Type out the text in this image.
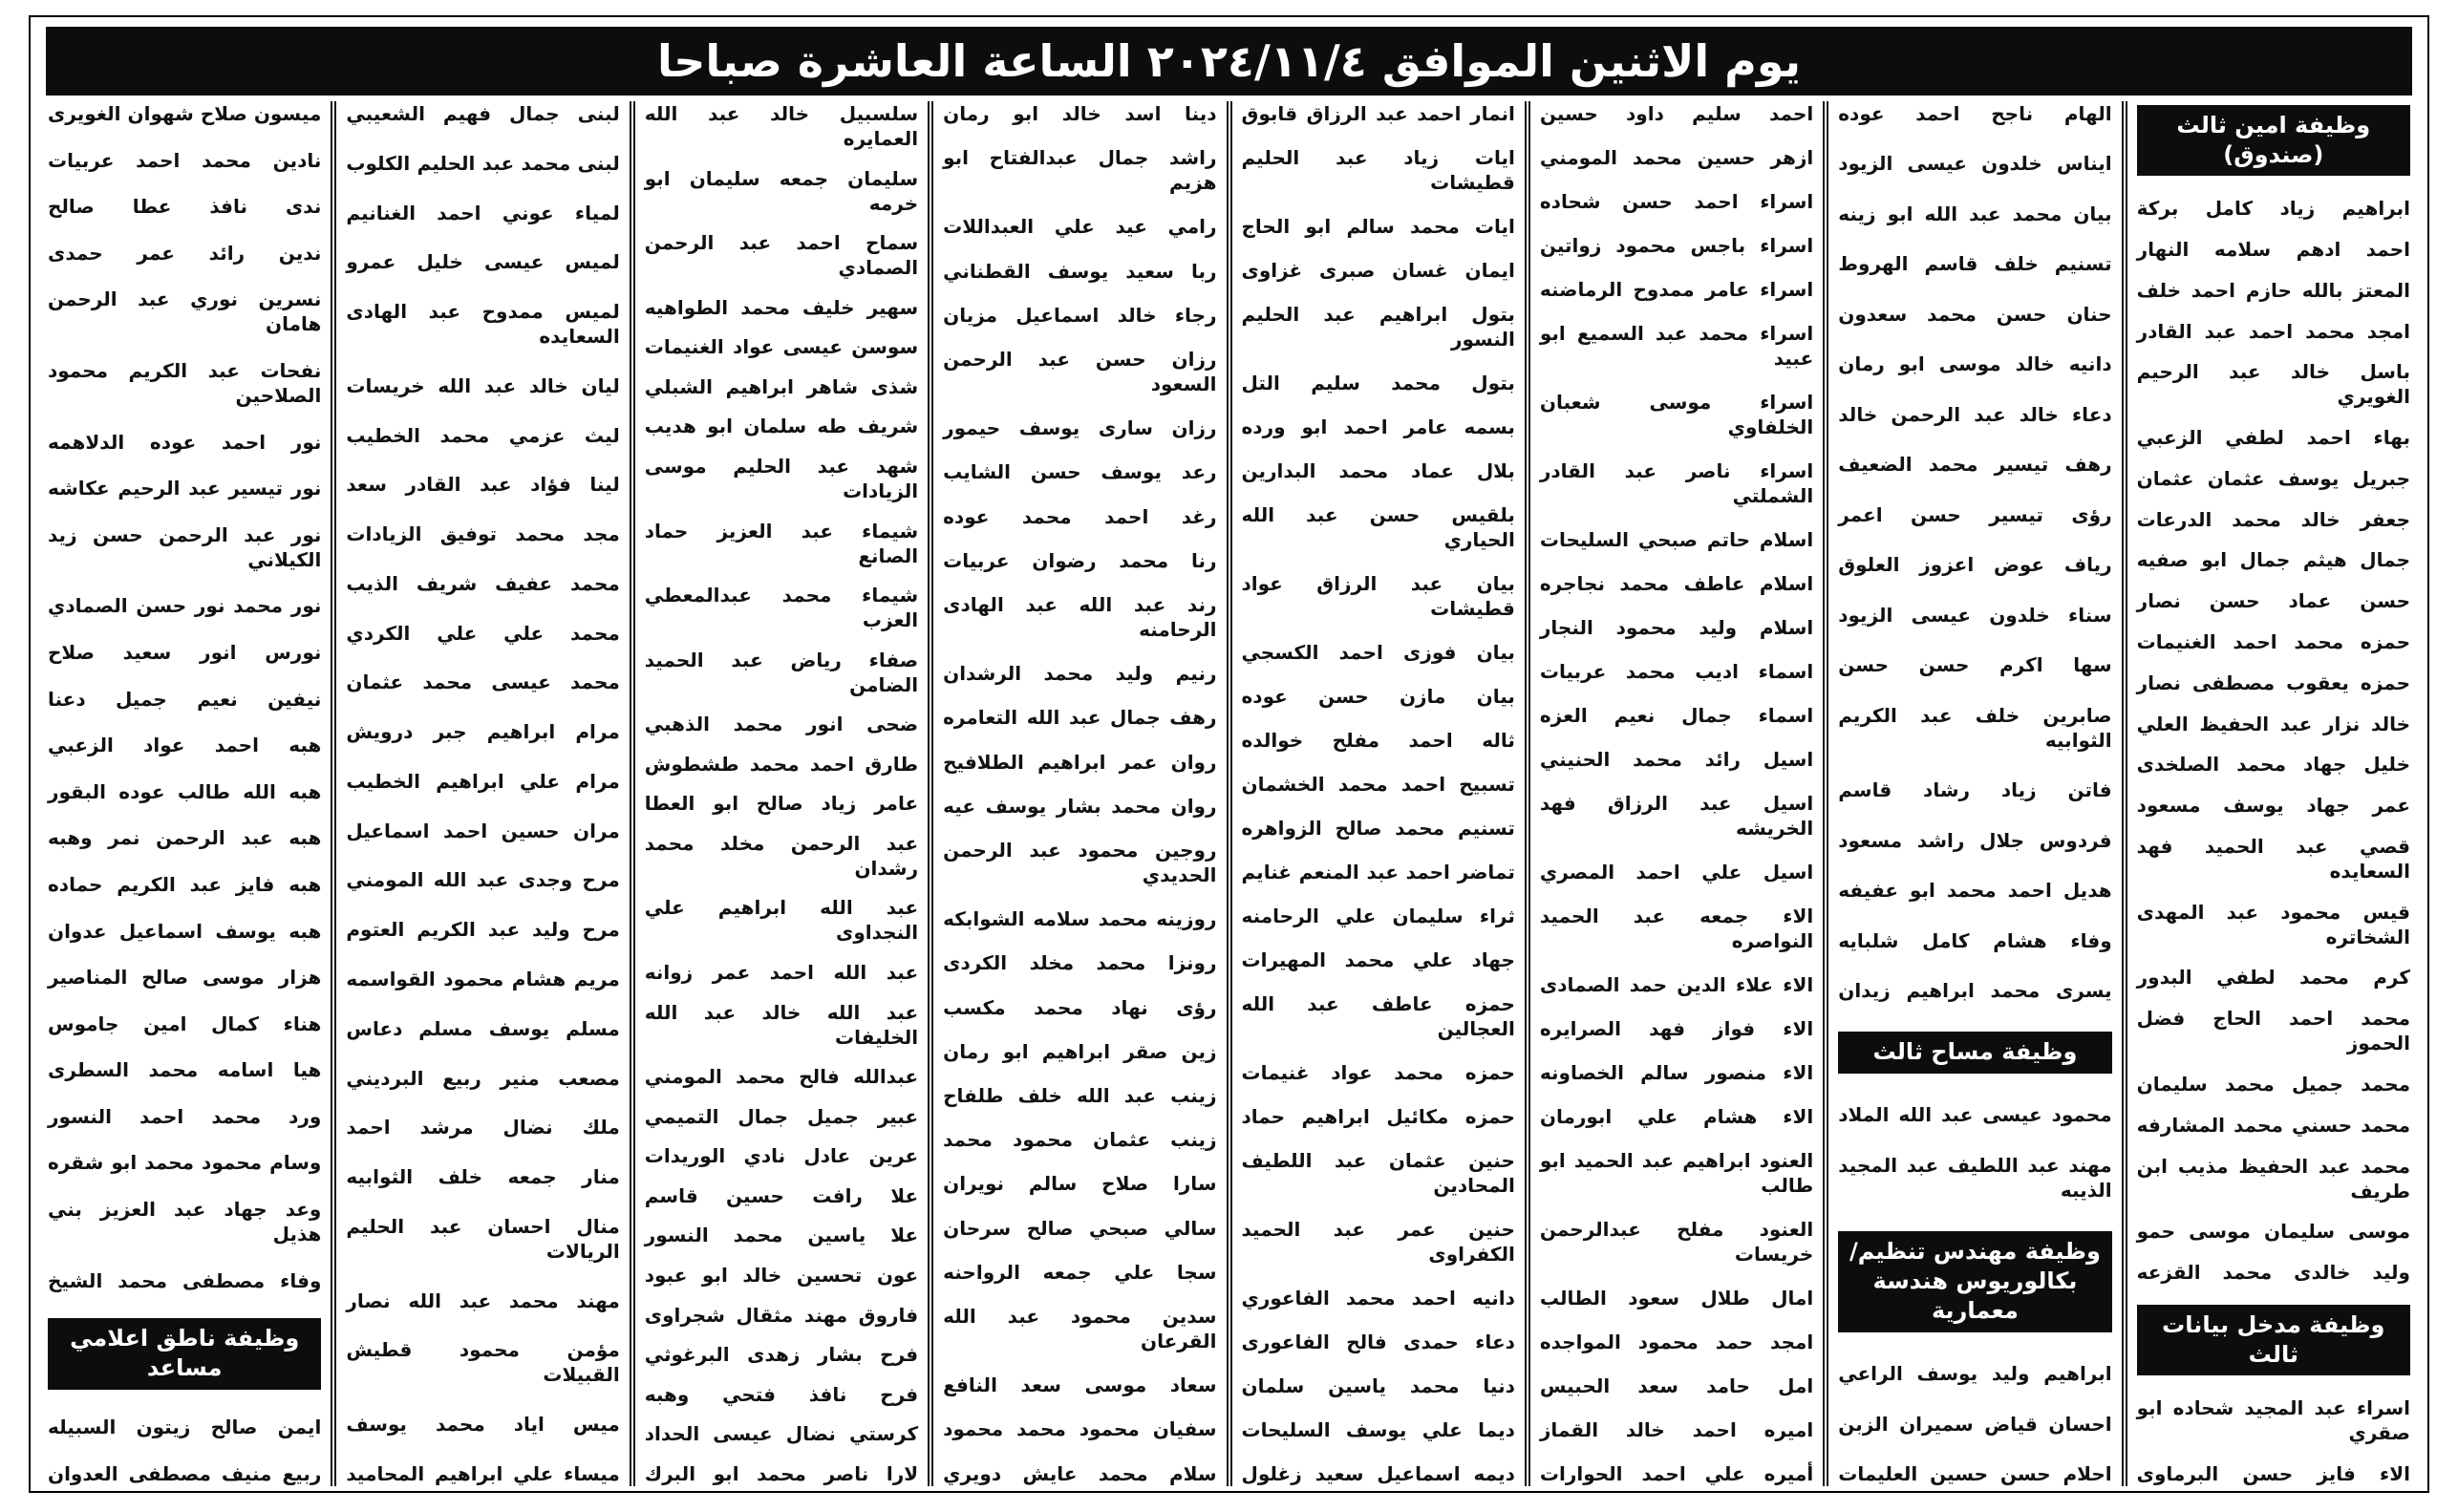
يوم الاثنين الموافق ٢٠٢٤/١١/٤ الساعة العاشرة صباحا
وظيفة امين ثالث (صندوق)
ابراهيم زياد كامل بركة
احمد ادهم سلامه النهار
المعتز بالله حازم احمد خلف
امجد محمد احمد عبد القادر
باسل خالد عبد الرحيم الغويري
بهاء احمد لطفي الزعبي
جبريل يوسف عثمان عثمان
جعفر خالد محمد الدرعات
جمال هيثم جمال ابو صفيه
حسن عماد حسن نصار
حمزه محمد احمد الغنيمات
حمزه يعقوب مصطفى نصار
خالد نزار عبد الحفيظ العلي
خليل جهاد محمد الصلخدى
عمر جهاد يوسف مسعود
قصي عبد الحميد فهد السعايده
قيس محمود عبد المهدى الشخاتره
كرم محمد لطفي البدور
محمد احمد الحاج فضل الحموز
محمد جميل محمد سليمان
محمد حسني محمد المشارفه
محمد عبد الحفيظ مذيب ابن طريف
موسى سليمان موسى حمو
وليد خالدى محمد القزعه
وظيفة مدخل بيانات ثالث
اسراء عبد المجيد شحاده ابو صقري
الاء فايز حسن البرماوى
الهام ناجح احمد عوده
ايناس خلدون عيسى الزيود
بيان محمد عبد الله ابو زينه
تسنيم خلف قاسم الهروط
حنان حسن محمد سعدون
دانيه خالد موسى ابو رمان
دعاء خالد عبد الرحمن خالد
رهف تيسير محمد الضعيف
رؤى تيسير حسن اعمر
رياف عوض اعزوز العلوق
سناء خلدون عيسى الزيود
سها اكرم حسن حسن
صابرين خلف عبد الكريم الثوابيه
فاتن زياد رشاد قاسم
فردوس جلال راشد مسعود
هديل احمد محمد ابو عفيفه
وفاء هشام كامل شلبايه
يسرى محمد ابراهيم زيدان
وظيفة مساح ثالث
محمود عيسى عبد الله الملاد
مهند عبد اللطيف عبد المجيد الذيبه
وظيفة مهندس تنظيم/ بكالوريوس هندسة معمارية
ابراهيم وليد يوسف الراعي
احسان قياض سميران الزبن
احلام حسن حسين العليمات
احمد سليم داود حسين
ازهر حسين محمد المومني
اسراء احمد حسن شحاده
اسراء باجس محمود زواتين
اسراء عامر ممدوح الرماضنه
اسراء محمد عبد السميع ابو عبيد
اسراء موسى شعبان الخلفاوي
اسراء ناصر عبد القادر الشملتي
اسلام حاتم صبحي السليحات
اسلام عاطف محمد نجاجره
اسلام وليد محمود النجار
اسماء اديب محمد عربيات
اسماء جمال نعيم العزه
اسيل رائد محمد الحنيني
اسيل عبد الرزاق فهد الخريشه
اسيل علي احمد المصري
الاء جمعه عبد الحميد النواصره
الاء علاء الدين حمد الصمادى
الاء فواز فهد الصرايره
الاء منصور سالم الخصاونه
الاء هشام علي ابورمان
العنود ابراهيم عبد الحميد ابو طالب
العنود مفلح عبدالرحمن خريسات
امال طلال سعود الطالب
امجد حمد محمود المواجده
امل حامد سعد الحبيس
اميره احمد خالد القماز
أميره علي احمد الحوارات
انمار احمد عبد الرزاق قابوق
ايات زياد عبد الحليم قطيشات
ايات محمد سالم ابو الحاج
ايمان غسان صبرى غزاوى
بتول ابراهيم عبد الحليم النسور
بتول محمد سليم التل
بسمه عامر احمد ابو ورده
بلال عماد محمد البدارين
بلقيس حسن عبد الله الحياري
بيان عبد الرزاق عواد قطيشات
بيان فوزى احمد الكسجي
بيان مازن حسن عوده
ثاله احمد مفلح خوالده
تسبيح احمد محمد الخشمان
تسنيم محمد صالح الزواهره
تماضر احمد عبد المنعم غنايم
ثراء سليمان علي الرحامنه
جهاد علي محمد المهيرات
حمزه عاطف عبد الله العجالين
حمزه محمد عواد غنيمات
حمزه مكائيل ابراهيم حماد
حنين عثمان عبد اللطيف المحادين
حنين عمر عبد الحميد الكفراوى
دانيه احمد محمد الفاعوري
دعاء حمدى فالح الفاعورى
دنيا محمد ياسين سلمان
ديما علي يوسف السليحات
ديمه اسماعيل سعيد زغلول
دينا اسد خالد ابو رمان
راشد جمال عبدالفتاح ابو هزيم
رامي عيد علي العبداللات
ربا سعيد يوسف القطناني
رجاء خالد اسماعيل مزيان
رزان حسن عبد الرحمن السعود
رزان سارى يوسف حيمور
رعد يوسف حسن الشايب
رغد احمد محمد عوده
رنا محمد رضوان عربيات
رند عبد الله عبد الهادى الرحامنه
رنيم وليد محمد الرشدان
رهف جمال عبد الله التعامره
روان عمر ابراهيم الطلافيح
روان محمد بشار يوسف عيه
روجين محمود عبد الرحمن الحديدي
روزينه محمد سلامه الشوابكه
رونزا محمد مخلد الكردى
رؤى نهاد محمد مكسب
زين صقر ابراهيم ابو رمان
زينب عبد الله خلف طلفاح
زينب عثمان محمود محمد
سارا صلاح سالم نويران
سالي صبحي صالح سرحان
سجا علي جمعه الرواحنه
سدين محمود عبد الله القرعان
سعاد موسى سعد النافع
سفيان محمود محمد محمود
سلام محمد عايش دويري
سلسبيل خالد عبد الله العمايره
سليمان جمعه سليمان ابو خرمه
سماح احمد عبد الرحمن الصمادي
سهير خليف محمد الطواهيه
سوسن عيسى عواد الغنيمات
شذى شاهر ابراهيم الشبلي
شريف طه سلمان ابو هديب
شهد عبد الحليم موسى الزيادات
شيماء عبد العزيز حماد الصانع
شيماء محمد عبدالمعطي العزب
صفاء رياض عبد الحميد الضامن
ضحى انور محمد الذهبي
طارق احمد محمد طشطوش
عامر زياد صالح ابو العطا
عبد الرحمن مخلد محمد رشدان
عبد الله ابراهيم علي النجداوى
عبد الله احمد عمر زوانه
عبد الله خالد عبد الله الخليفات
عبدالله فالح محمد المومني
عبير جميل جمال التميمي
عرين عادل نادي الوريدات
علا رافت حسين قاسم
علا ياسين محمد النسور
عون تحسين خالد ابو عبود
فاروق مهند مثقال شجراوى
فرح بشار زهدى البرغوثي
فرح نافذ فتحي وهبه
كرستي نضال عيسى الحداد
لارا ناصر محمد ابو البرك
لبنى جمال فهيم الشعيبي
لبنى محمد عبد الحليم الكلوب
لمياء عوني احمد الغنانيم
لميس عيسى خليل عمرو
لميس ممدوح عبد الهادى السعايده
ليان خالد عبد الله خريسات
ليث عزمي محمد الخطيب
لينا فؤاد عبد القادر سعد
مجد محمد توفيق الزيادات
محمد عفيف شريف الذيب
محمد علي علي الكردي
محمد عيسى محمد عثمان
مرام ابراهيم جبر درويش
مرام علي ابراهيم الخطيب
مران حسين احمد اسماعيل
مرح وجدى عبد الله المومني
مرح وليد عبد الكريم العتوم
مريم هشام محمود القواسمه
مسلم يوسف مسلم دعاس
مصعب منير ربيع البرديني
ملك نضال مرشد احمد
منار جمعه خلف الثوابيه
منال احسان عبد الحليم الريالات
مهند محمد عبد الله نصار
مؤمن محمود قطيش القبيلات
ميس اياد محمد يوسف
ميساء علي ابراهيم المحاميد
ميسون صلاح شهوان الغويرى
نادين محمد احمد عربيات
ندى نافذ عطا صالح
ندين رائد عمر حمدى
نسرين نوري عبد الرحمن هامان
نفحات عبد الكريم محمود الصلاحين
نور احمد عوده الدلاهمه
نور تيسير عبد الرحيم عكاشه
نور عبد الرحمن حسن زيد الكيلاني
نور محمد نور حسن الصمادي
نورس انور سعيد صلاح
نيفين نعيم جميل دعنا
هبه احمد عواد الزعبي
هبه الله طالب عوده البقور
هبه عبد الرحمن نمر وهبه
هبه فايز عبد الكريم حماده
هبه يوسف اسماعيل عدوان
هزار موسى صالح المناصير
هناء كمال امين جاموس
هيا اسامه محمد السطرى
ورد محمد احمد النسور
وسام محمود محمد ابو شقره
وعد جهاد عبد العزيز بني هذيل
وفاء مصطفى محمد الشيخ
وظيفة ناطق اعلامي مساعد
ايمن صالح زيتون السبيله
ربيع منيف مصطفى العدوان
